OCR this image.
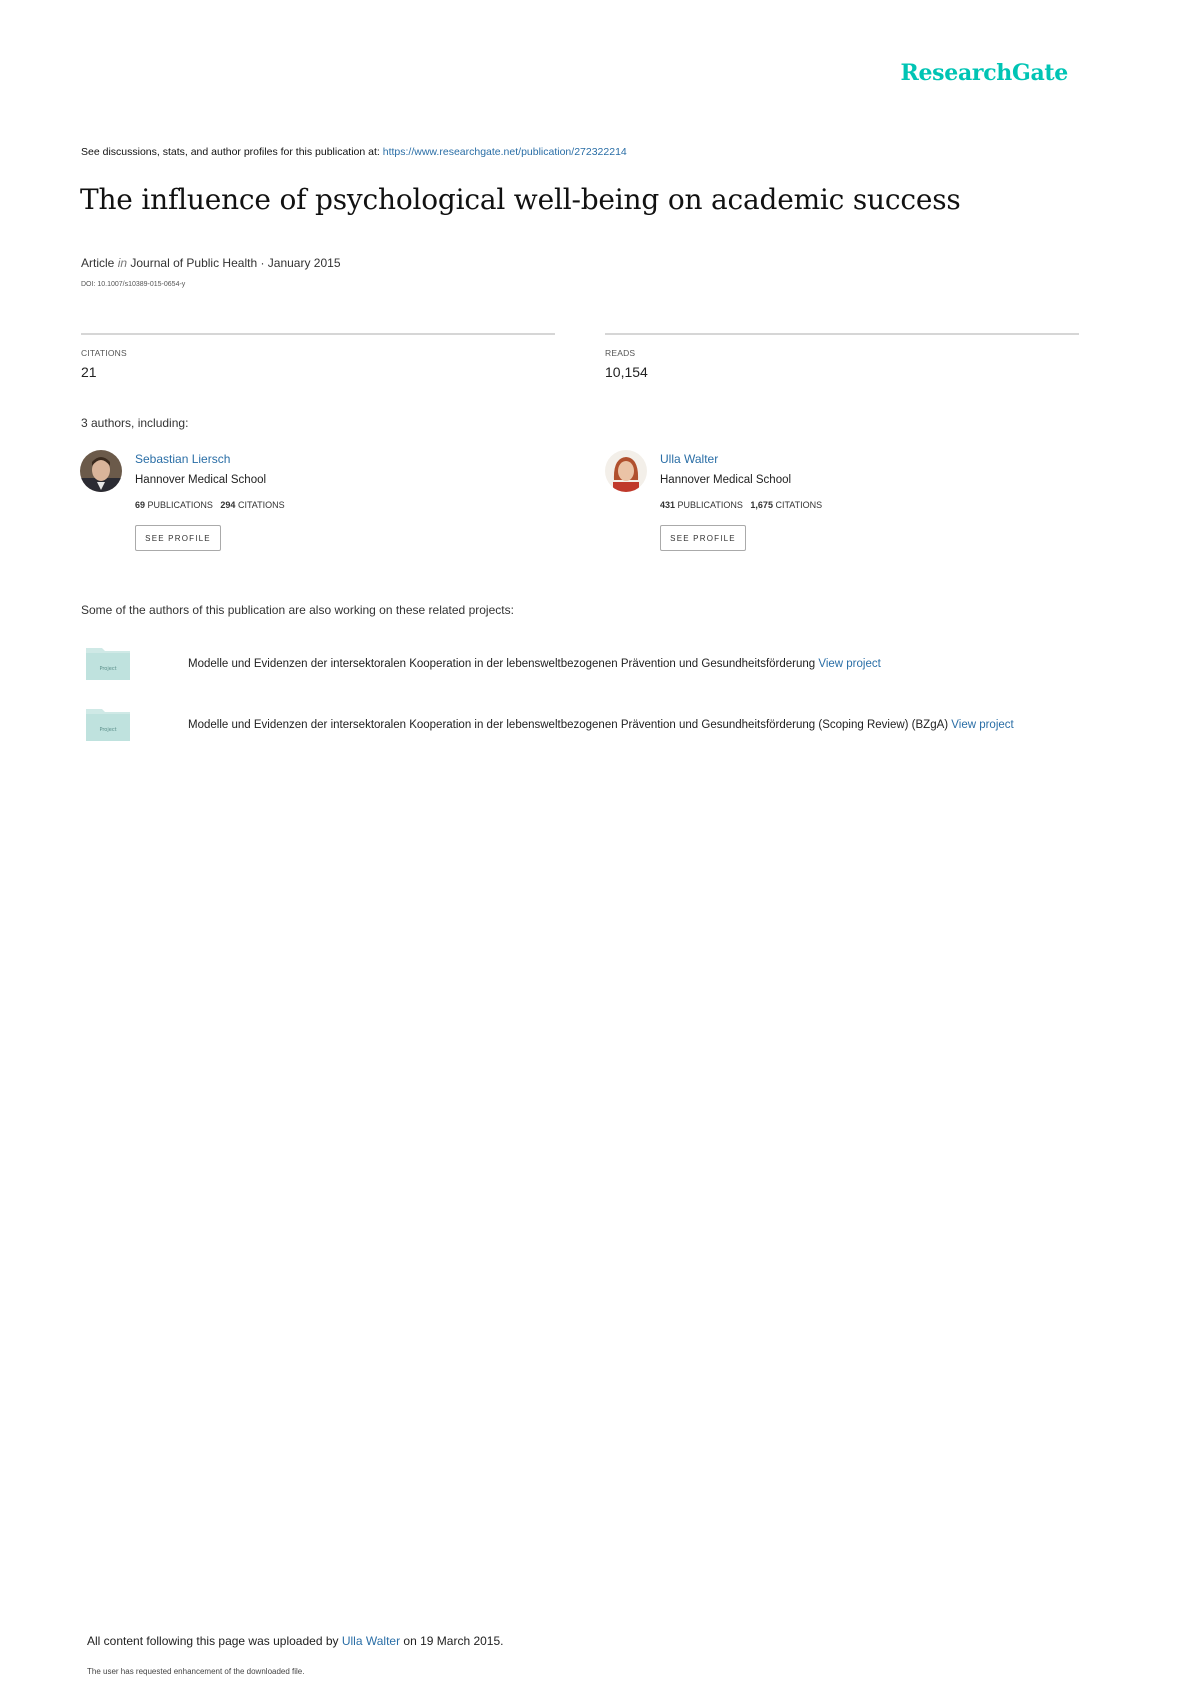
ResearchGate
See discussions, stats, and author profiles for this publication at: https://www.researchgate.net/publication/272322214
The influence of psychological well-being on academic success
Article in Journal of Public Health · January 2015
DOI: 10.1007/s10389-015-0654-y
CITATIONS
21
READS
10,154
3 authors, including:
Sebastian Liersch
Hannover Medical School
69 PUBLICATIONS 294 CITATIONS
SEE PROFILE
Ulla Walter
Hannover Medical School
431 PUBLICATIONS 1,675 CITATIONS
SEE PROFILE
Some of the authors of this publication are also working on these related projects:
Project	Modelle und Evidenzen der intersektoralen Kooperation in der lebensweltbezogenen Prävention und Gesundheitsförderung View project
Project	Modelle und Evidenzen der intersektoralen Kooperation in der lebensweltbezogenen Prävention und Gesundheitsförderung (Scoping Review) (BZgA) View project
All content following this page was uploaded by Ulla Walter on 19 March 2015.
The user has requested enhancement of the downloaded file.
